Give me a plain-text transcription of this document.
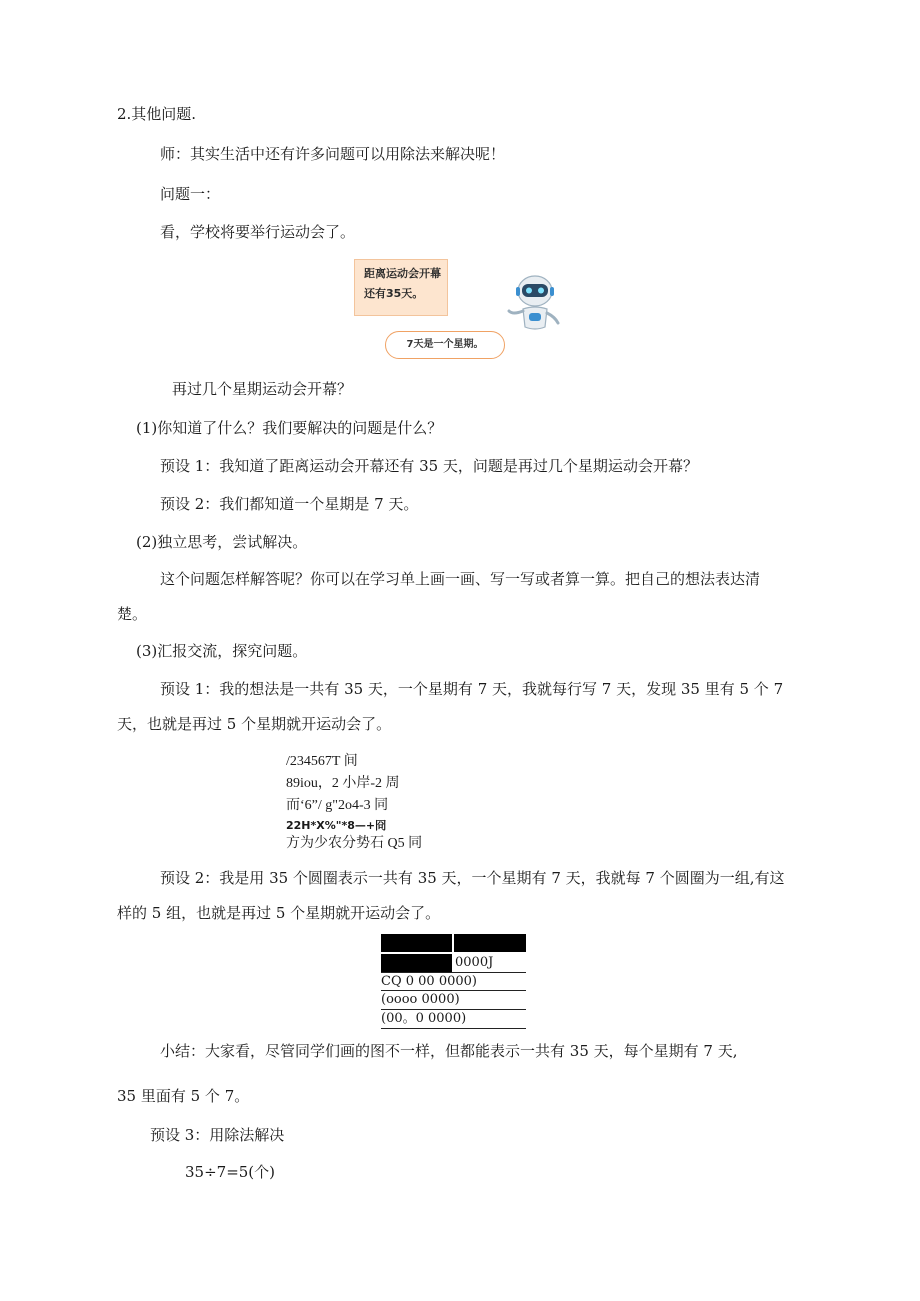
2.其他问题.
师：其实生活中还有许多问题可以用除法来解决呢！
问题一：
看，学校将要举行运动会了。
距离运动会开幕
还有35天。
7天是一个星期。
再过几个星期运动会开幕？
(1)你知道了什么？我们要解决的问题是什么？
预设 1：我知道了距离运动会开幕还有 35 天，问题是再过几个星期运动会开幕？
预设 2：我们都知道一个星期是 7 天。
(2)独立思考，尝试解决。
这个问题怎样解答呢？你可以在学习单上画一画、写一写或者算一算。把自己的想法表达清
楚。
(3)汇报交流，探究问题。
预设 1：我的想法是一共有 35 天，一个星期有 7 天，我就每行写 7 天，发现 35 里有 5 个 7
天，也就是再过 5 个星期就开运动会了。
/234567T 间
89iou，2 小岸-2 周
而‘6”/ g"2o4-3 同
22H*X%"*8—+冏
方为少农分势石 Q5 同
预设 2：我是用 35 个圆圈表示一共有 35 天，一个星期有 7 天，我就每 7 个圆圈为一组,有这
样的 5 组，也就是再过 5 个星期就开运动会了。
0000J
CQ 0 00 0000)
(oooo 0000)
(00。0 0000)
小结：大家看，尽管同学们画的图不一样，但都能表示一共有 35 天，每个星期有 7 天,
35 里面有 5 个 7。
预设 3：用除法解决
35÷7=5(个)
